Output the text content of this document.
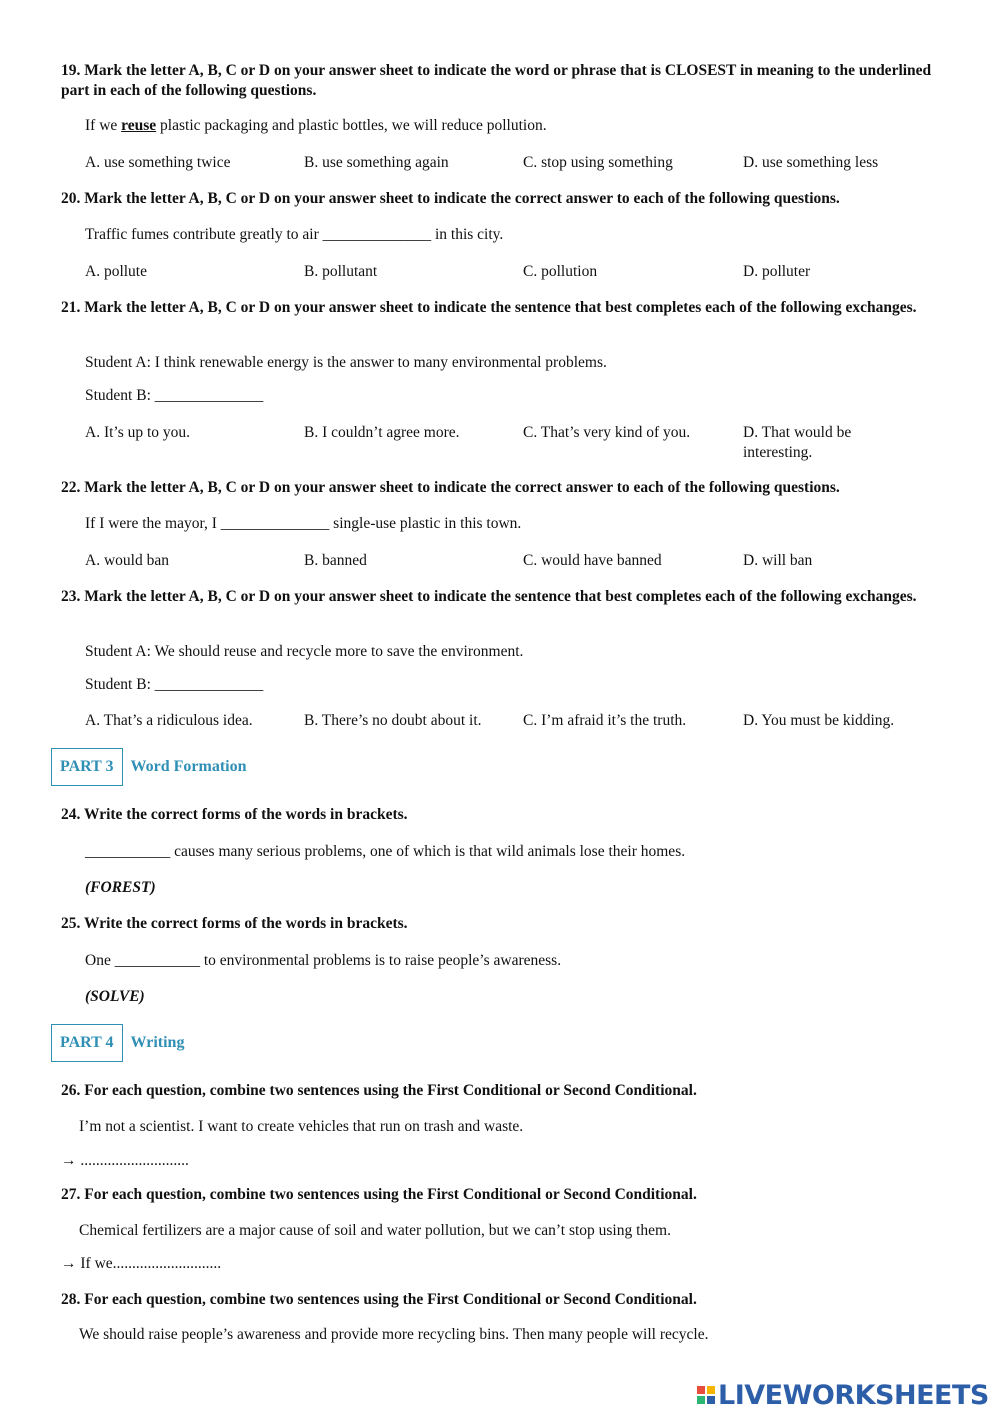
19. Mark the letter A, B, C or D on your answer sheet to indicate the word or phrase that is CLOSEST in meaning to the underlined part in each of the following questions.
If we reuse plastic packaging and plastic bottles, we will reduce pollution.
A. use something twice	B. use something again	C. stop using something	D. use something less
20. Mark the letter A, B, C or D on your answer sheet to indicate the correct answer to each of the following questions.
Traffic fumes contribute greatly to air ______________ in this city.
A. pollute	B. pollutant	C. pollution	D. polluter
21. Mark the letter A, B, C or D on your answer sheet to indicate the sentence that best completes each of the following exchanges.
Student A: I think renewable energy is the answer to many environmental problems.
Student B: ______________
A. It’s up to you.	B. I couldn’t agree more.	C. That’s very kind of you.	D. That would be interesting.
22. Mark the letter A, B, C or D on your answer sheet to indicate the correct answer to each of the following questions.
If I were the mayor, I ______________ single-use plastic in this town.
A. would ban	B. banned	C. would have banned	D. will ban
23. Mark the letter A, B, C or D on your answer sheet to indicate the sentence that best completes each of the following exchanges.
Student A: We should reuse and recycle more to save the environment.
Student B: ______________
A. That’s a ridiculous idea.	B. There’s no doubt about it.	C. I’m afraid it’s the truth.	D. You must be kidding.
PART 3	Word Formation
24. Write the correct forms of the words in brackets.
___________ causes many serious problems, one of which is that wild animals lose their homes.
(FOREST)
25. Write the correct forms of the words in brackets.
One ___________ to environmental problems is to raise people’s awareness.
(SOLVE)
PART 4	Writing
26. For each question, combine two sentences using the First Conditional or Second Conditional.
I’m not a scientist. I want to create vehicles that run on trash and waste.
→ ............................
27. For each question, combine two sentences using the First Conditional or Second Conditional.
Chemical fertilizers are a major cause of soil and water pollution, but we can’t stop using them.
→ If we............................
28. For each question, combine two sentences using the First Conditional or Second Conditional.
We should raise people’s awareness and provide more recycling bins. Then many people will recycle.
LIVEWORKSHEETS
